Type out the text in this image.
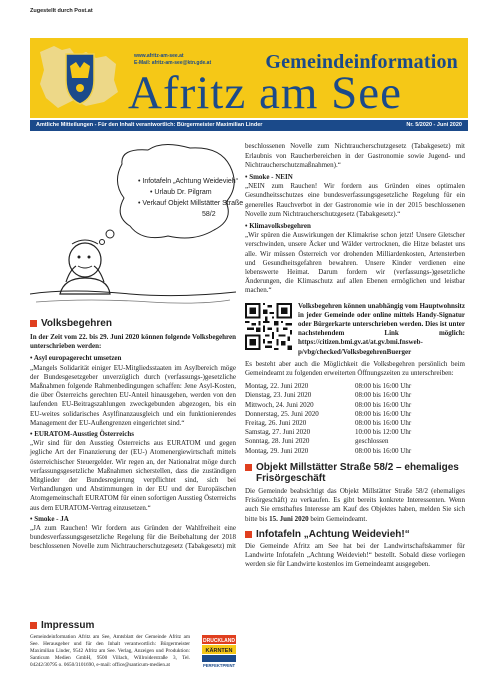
Zugestellt durch Post.at
www.afritz-am-see.at
E-Mail: afritz-am-see@ktn.gde.at	Gemeindeinformation
Afritz am See
Amtliche Mitteilungen - Für den Inhalt verantwortlich: Bürgermeister Maximilian Linder	Nr. 5/2020 - Juni 2020
• Infotafeln „Achtung Weidevieh“
• Urlaub Dr. Pilgram
• Verkauf Objekt Millstätter Straße
58/2
Volksbegehren

In der Zeit vom 22. bis 29. Juni 2020 können folgende Volksbegehren unterschrieben werden:

• Asyl europagerecht umsetzen

„Mangels Solidarität einiger EU-Mitgliedsstaaten im Asylbereich möge der Bundesgesetzgeber unverzüglich durch (verfassungs-)gesetzliche Maßnahmen folgende Rahmenbedingungen schaffen: Jene Asyl-Kosten, die über Österreichs gerechten EU-Anteil hinausgehen, werden von den laufenden EU-Beitragszahlungen zweckgebunden abgezogen, bis ein EU-weites solidarisches Asylfinanzausgleich und ein funktionierendes Management der EU-Außengrenzen eingerichtet sind.“

• EURATOM-Ausstieg Österreichs

„Wir sind für den Ausstieg Österreichs aus EURATOM und gegen jegliche Art der Finanzierung der (EU-) Atomenergiewirtschaft mittels österreichischer Steuergelder. Wir regen an, der Nationalrat möge durch verfassungsgesetzliche Maßnahmen sicherstellen, dass die zuständigen Mitglieder der Bundesregierung verpflichtet sind, sich bei Verhandlungen und Abstimmungen in der EU und der Europäischen Atomgemeinschaft EURATOM für einen sofortigen Ausstieg Österreichs aus dem EURATOM-Vertrag einzusetzen.“

• Smoke - JA

„JA zum Rauchen! Wir fordern aus Gründen der Wahlfreiheit eine bundesverfassungsgesetzliche Regelung für die Beibehaltung der 2018 beschlossenen Novelle zum Nichtraucherschutzgesetz (Tabakgesetz) mit

Impressum

Gemeindeinformation Afritz am See, Amtsblatt der Gemeinde Afritz am See. Herausgeber und für den Inhalt verantwortlich: Bürgermeister Maximilian Linder, 9542 Afritz am See. Verlag, Anzeigen und Produktion: Santicum Medien GmbH, 9500 Villach, Willroiderstraße 3, Tel. 04242/30795 o. 0650/3101690, e-mail: office@santicum-medien.at

DRUCKLAND
KÄRNTEN
PERFEKTPRINT

beschlossenen Novelle zum Nichtraucherschutzgesetz (Tabakgesetz) mit Erlaubnis von Raucherbereichen in der Gastronomie sowie Jugend- und Nichtraucherschutzmaßnahmen).“

• Smoke - NEIN

„NEIN zum Rauchen! Wir fordern aus Gründen eines optimalen Gesundheitsschutzes eine bundesverfassungsgesetzliche Regelung für ein generelles Rauchverbot in der Gastronomie wie in der 2015 beschlossenen Novelle zum Nichtraucherschutzgesetz (Tabakgesetz).“

• Klimavolksbegehren

„Wir spüren die Auswirkungen der Klimakrise schon jetzt! Unsere Gletscher verschwinden, unsere Äcker und Wälder vertrocknen, die Hitze belastet uns alle. Wir müssen Österreich vor drohenden Milliardenkosten, Artensterben und Gesundheitsgefahren bewahren. Unsere Kinder verdienen eine lebenswerte Heimat. Darum fordern wir (verfassungs-)gesetzliche Änderungen, die Klimaschutz auf allen Ebenen ermöglichen und leistbar machen.“

Volksbegehren können unabhängig vom Hauptwohnsitz in jeder Gemeinde oder online mittels Handy-Signatur oder Bürgerkarte unterschrieben werden. Dies ist unter nachstehendem Link möglich: https://citizen.bmi.gv.at/at.gv.bmi.fnsweb-p/vbg/checked/VolksbegehrenBuerger

Es besteht aber auch die Möglichkeit die Volksbegehren persönlich beim Gemeindeamt zu folgenden erweiterten Öffnungszeiten zu unterschreiben:

Montag, 22. Juni 2020	08:00 bis 16:00 Uhr
Dienstag, 23. Juni 2020	08:00 bis 16:00 Uhr
Mittwoch, 24. Juni 2020	08:00 bis 16:00 Uhr
Donnerstag, 25. Juni 2020	08:00 bis 16:00 Uhr
Freitag, 26. Juni 2020	08:00 bis 16:00 Uhr
Samstag, 27. Juni 2020	10:00 bis 12:00 Uhr
Sonntag, 28. Juni 2020	geschlossen
Montag, 29. Juni 2020	08:00 bis 16:00 Uhr
Objekt Millstätter Straße 58/2 – ehemaliges Frisörgeschäft

Die Gemeinde beabsichtigt das Objekt Millstätter Straße 58/2 (ehemaliges Frisörgeschäft) zu verkaufen. Es gibt bereits konkrete Interessenten. Wenn auch Sie ernsthaftes Interesse am Kauf des Objektes haben, melden Sie sich bitte bis 15. Juni 2020 beim Gemeindeamt.

Infotafeln „Achtung Weidevieh!“

Die Gemeinde Afritz am See hat bei der Landwirtschaftskammer für Landwirte Infotafeln „Achtung Weidevieh!“ bestellt. Sobald diese vorliegen werden sie für Landwirte kostenlos im Gemeindeamt ausgegeben.
